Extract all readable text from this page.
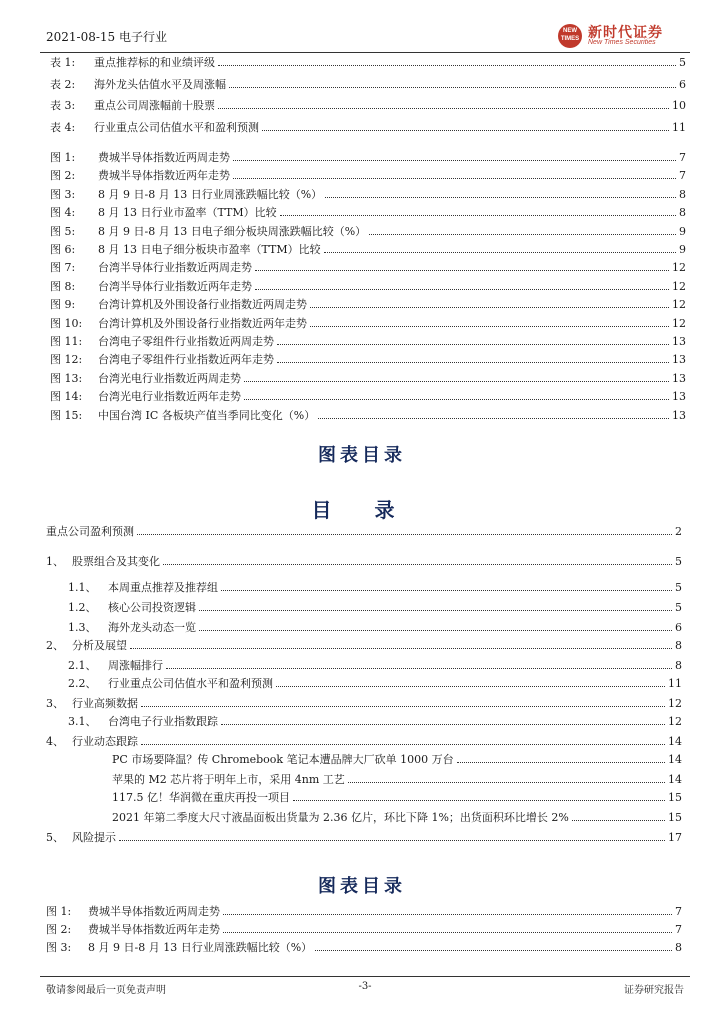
2021-08-15 电子行业	NEW TIMES 新时代证券
New Times Securities
表 1:	重点推荐标的和业绩评级	5
表 2:	海外龙头估值水平及周涨幅	6
表 3:	重点公司周涨幅前十股票	10
表 4:	行业重点公司估值水平和盈利预测	11
图 1:	费城半导体指数近两周走势	7
图 2:	费城半导体指数近两年走势	7
图 3:	8 月 9 日-8 月 13 日行业周涨跌幅比较（%）	8
图 4:	8 月 13 日行业市盈率（TTM）比较	8
图 5:	8 月 9 日-8 月 13 日电子细分板块周涨跌幅比较（%）	9
图 6:	8 月 13 日电子细分板块市盈率（TTM）比较	9
图 7:	台湾半导体行业指数近两周走势	12
图 8:	台湾半导体行业指数近两年走势	12
图 9:	台湾计算机及外围设备行业指数近两周走势	12
图 10:	台湾计算机及外围设备行业指数近两年走势	12
图 11:	台湾电子零组件行业指数近两周走势	13
图 12:	台湾电子零组件行业指数近两年走势	13
图 13:	台湾光电行业指数近两周走势	13
图 14:	台湾光电行业指数近两年走势	13
图 15:	中国台湾 IC 各板块产值当季同比变化（%）	13
重点公司盈利预测	2
1、 股票组合及其变化	5
1.1、	本周重点推荐及推荐组	5
1.2、	核心公司投资逻辑	5
1.3、	海外龙头动态一览	6
2、 分析及展望	8
2.1、	周涨幅排行	8
2.2、	行业重点公司估值水平和盈利预测	11
3、 行业高频数据	12
3.1、	台湾电子行业指数跟踪	12
4、 行业动态跟踪	14
PC 市场要降温？传 Chromebook 笔记本遭品牌大厂砍单 1000 万台	14
苹果的 M2 芯片将于明年上市，采用 4nm 工艺	14
117.5 亿！华润微在重庆再投一项目	15
2021 年第二季度大尺寸液晶面板出货量为 2.36 亿片，环比下降 1%；出货面积环比增长 2%	15
5、 风险提示	17
图 1:	费城半导体指数近两周走势	7
图 2:	费城半导体指数近两年走势	7
图 3:	8 月 9 日-8 月 13 日行业周涨跌幅比较（%）	8
图表目录
目 录
图表目录
敬请参阅最后一页免责声明	-3-	证券研究报告
